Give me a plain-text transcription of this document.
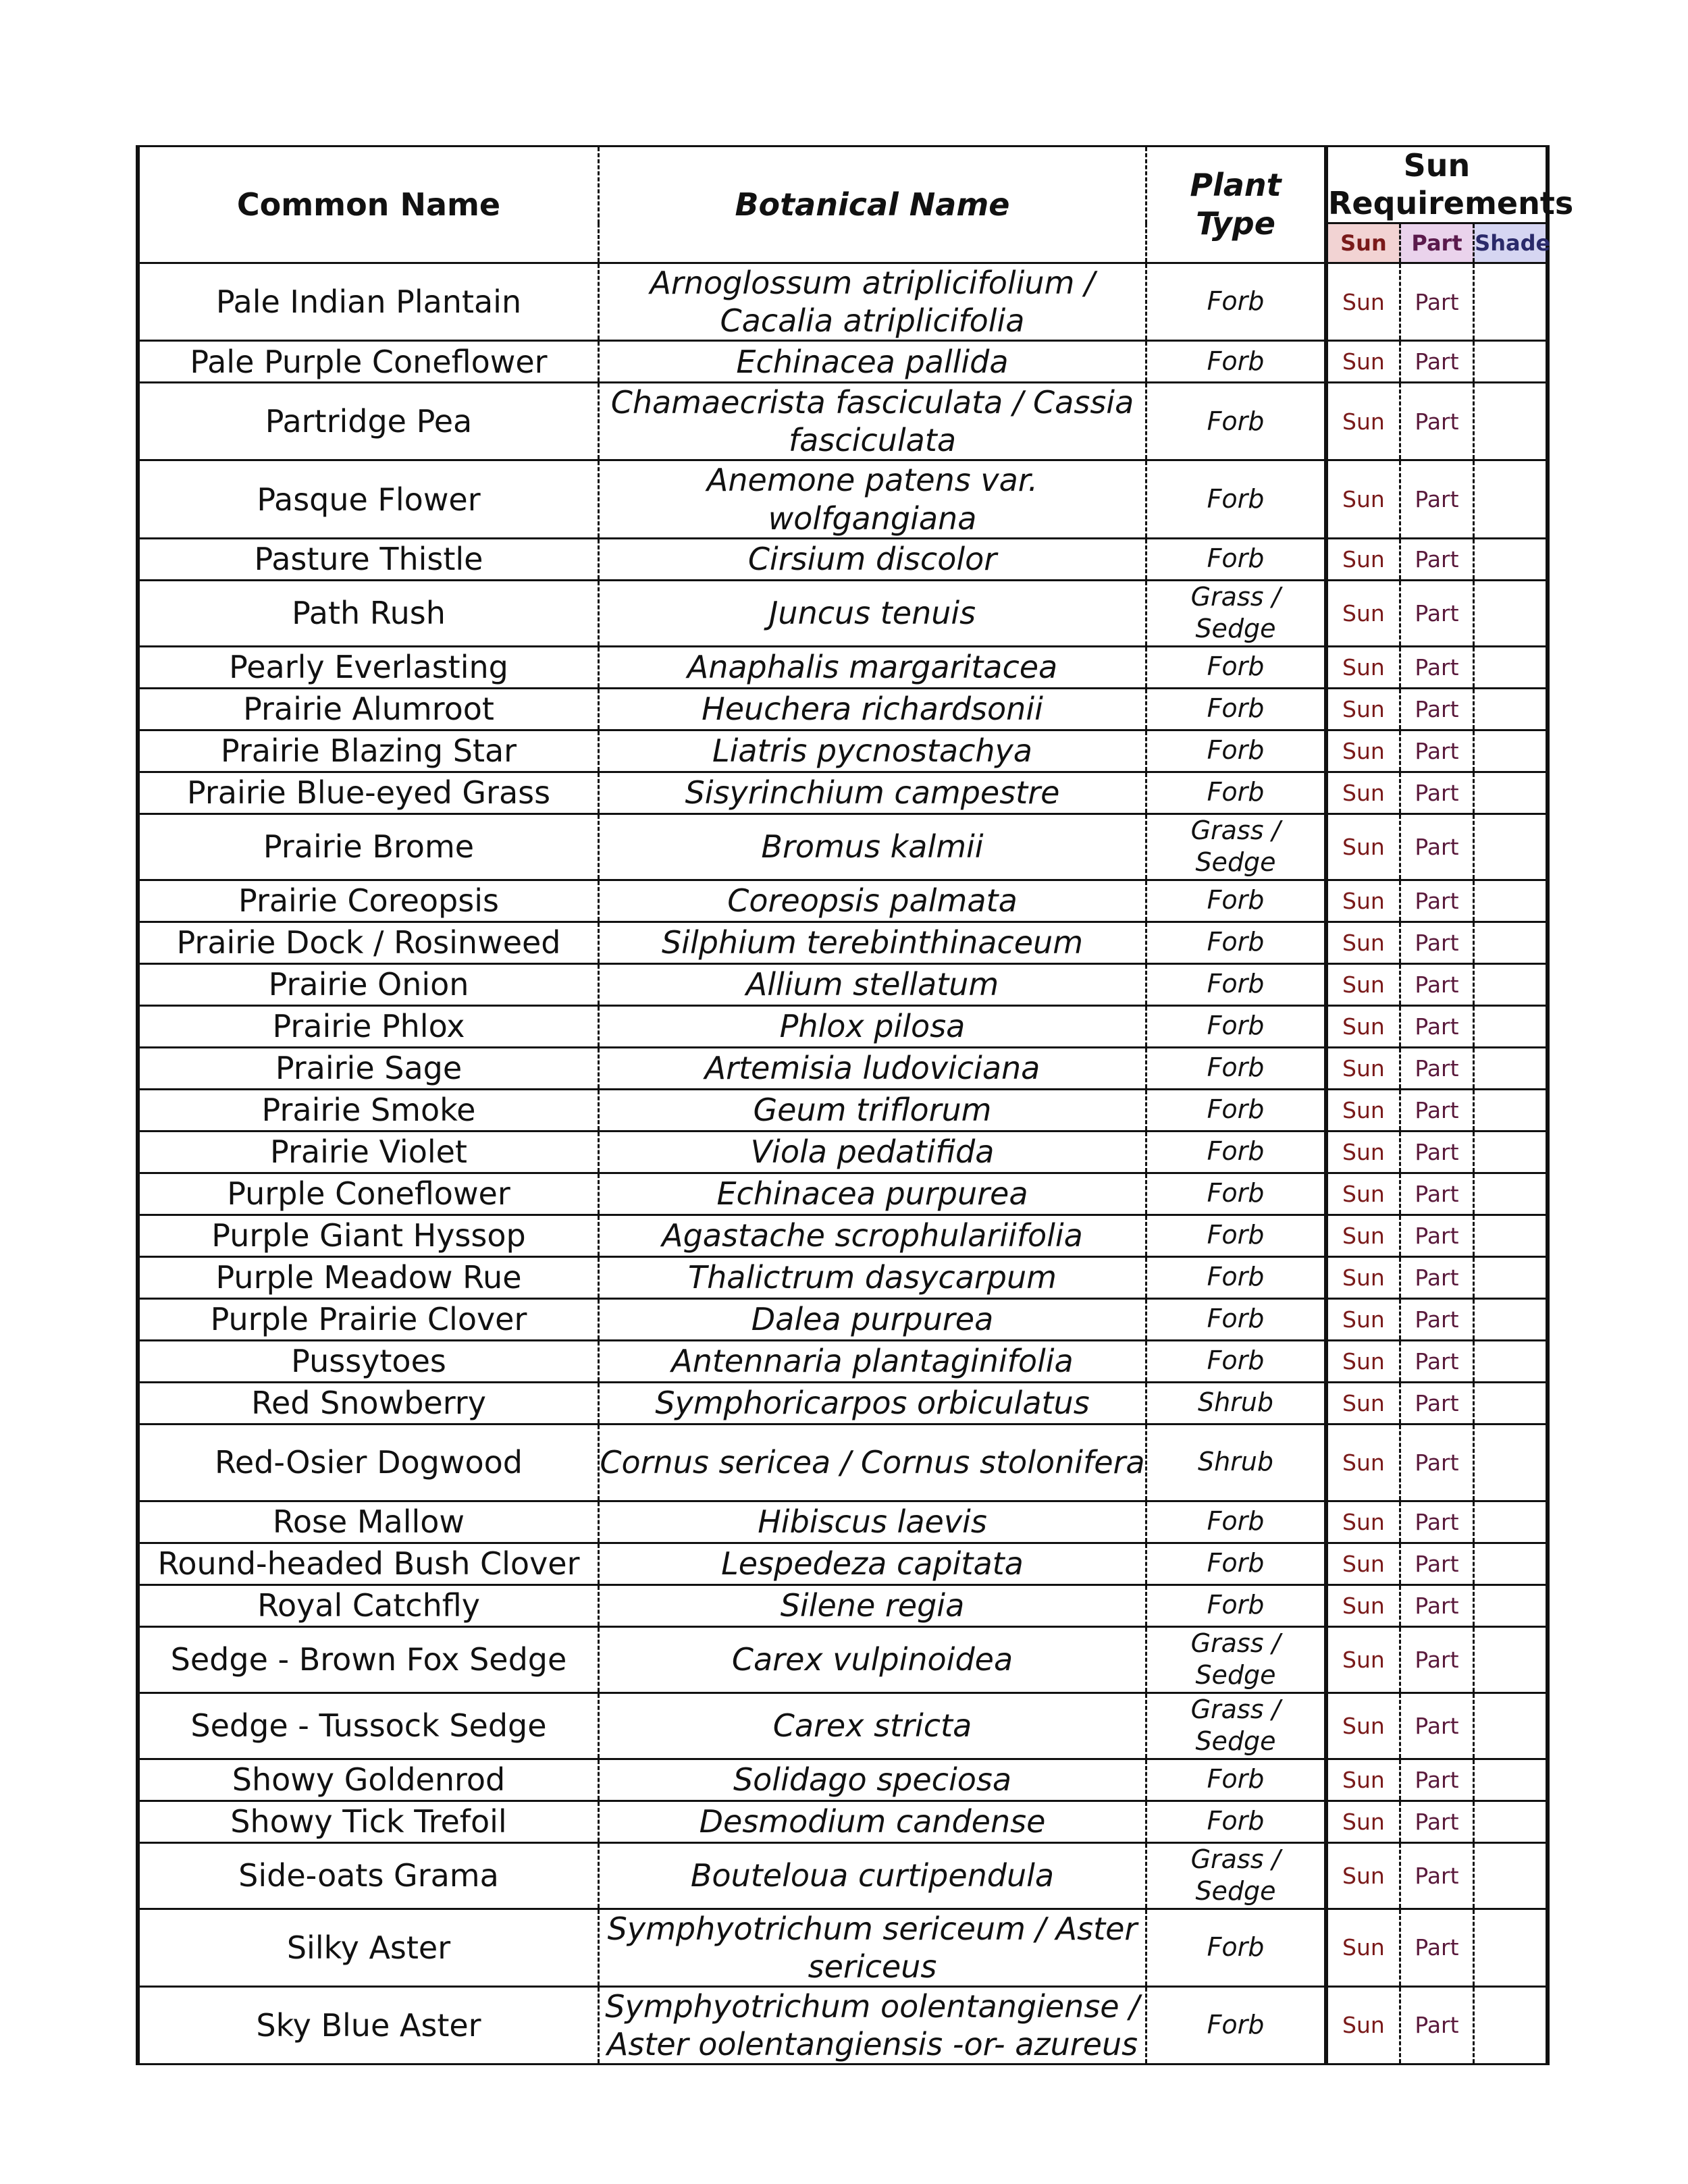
Common Name	Botanical Name	Plant Type	Sun Requirements		
			Sun	Part	Shade
Pale Indian Plantain	Arnoglossum atriplicifolium / Cacalia atriplicifolia	Forb	Sun	Part	
Pale Purple Coneflower	Echinacea pallida	Forb	Sun	Part	
Partridge Pea	Chamaecrista fasciculata / Cassia fasciculata	Forb	Sun	Part	
Pasque Flower	Anemone patens var. wolfgangiana	Forb	Sun	Part	
Pasture Thistle	Cirsium discolor	Forb	Sun	Part	
Path Rush	Juncus tenuis	Grass / Sedge	Sun	Part	
Pearly Everlasting	Anaphalis margaritacea	Forb	Sun	Part	
Prairie Alumroot	Heuchera richardsonii	Forb	Sun	Part	
Prairie Blazing Star	Liatris pycnostachya	Forb	Sun	Part	
Prairie Blue-eyed Grass	Sisyrinchium campestre	Forb	Sun	Part	
Prairie Brome	Bromus kalmii	Grass / Sedge	Sun	Part	
Prairie Coreopsis	Coreopsis palmata	Forb	Sun	Part	
Prairie Dock / Rosinweed	Silphium terebinthinaceum	Forb	Sun	Part	
Prairie Onion	Allium stellatum	Forb	Sun	Part	
Prairie Phlox	Phlox pilosa	Forb	Sun	Part	
Prairie Sage	Artemisia ludoviciana	Forb	Sun	Part	
Prairie Smoke	Geum triflorum	Forb	Sun	Part	
Prairie Violet	Viola pedatifida	Forb	Sun	Part	
Purple Coneflower	Echinacea purpurea	Forb	Sun	Part	
Purple Giant Hyssop	Agastache scrophulariifolia	Forb	Sun	Part	
Purple Meadow Rue	Thalictrum dasycarpum	Forb	Sun	Part	
Purple Prairie Clover	Dalea purpurea	Forb	Sun	Part	
Pussytoes	Antennaria plantaginifolia	Forb	Sun	Part	
Red Snowberry	Symphoricarpos orbiculatus	Shrub	Sun	Part	
Red-Osier Dogwood	Cornus sericea / Cornus stolonifera	Shrub	Sun	Part	
Rose Mallow	Hibiscus laevis	Forb	Sun	Part	
Round-headed Bush Clover	Lespedeza capitata	Forb	Sun	Part	
Royal Catchfly	Silene regia	Forb	Sun	Part	
Sedge - Brown Fox Sedge	Carex vulpinoidea	Grass / Sedge	Sun	Part	
Sedge - Tussock Sedge	Carex stricta	Grass / Sedge	Sun	Part	
Showy Goldenrod	Solidago speciosa	Forb	Sun	Part	
Showy Tick Trefoil	Desmodium candense	Forb	Sun	Part	
Side-oats Grama	Bouteloua curtipendula	Grass / Sedge	Sun	Part	
Silky Aster	Symphyotrichum sericeum / Aster sericeus	Forb	Sun	Part	
Sky Blue Aster	Symphyotrichum oolentangiense / Aster oolentangiensis -or- azureus	Forb	Sun	Part	
